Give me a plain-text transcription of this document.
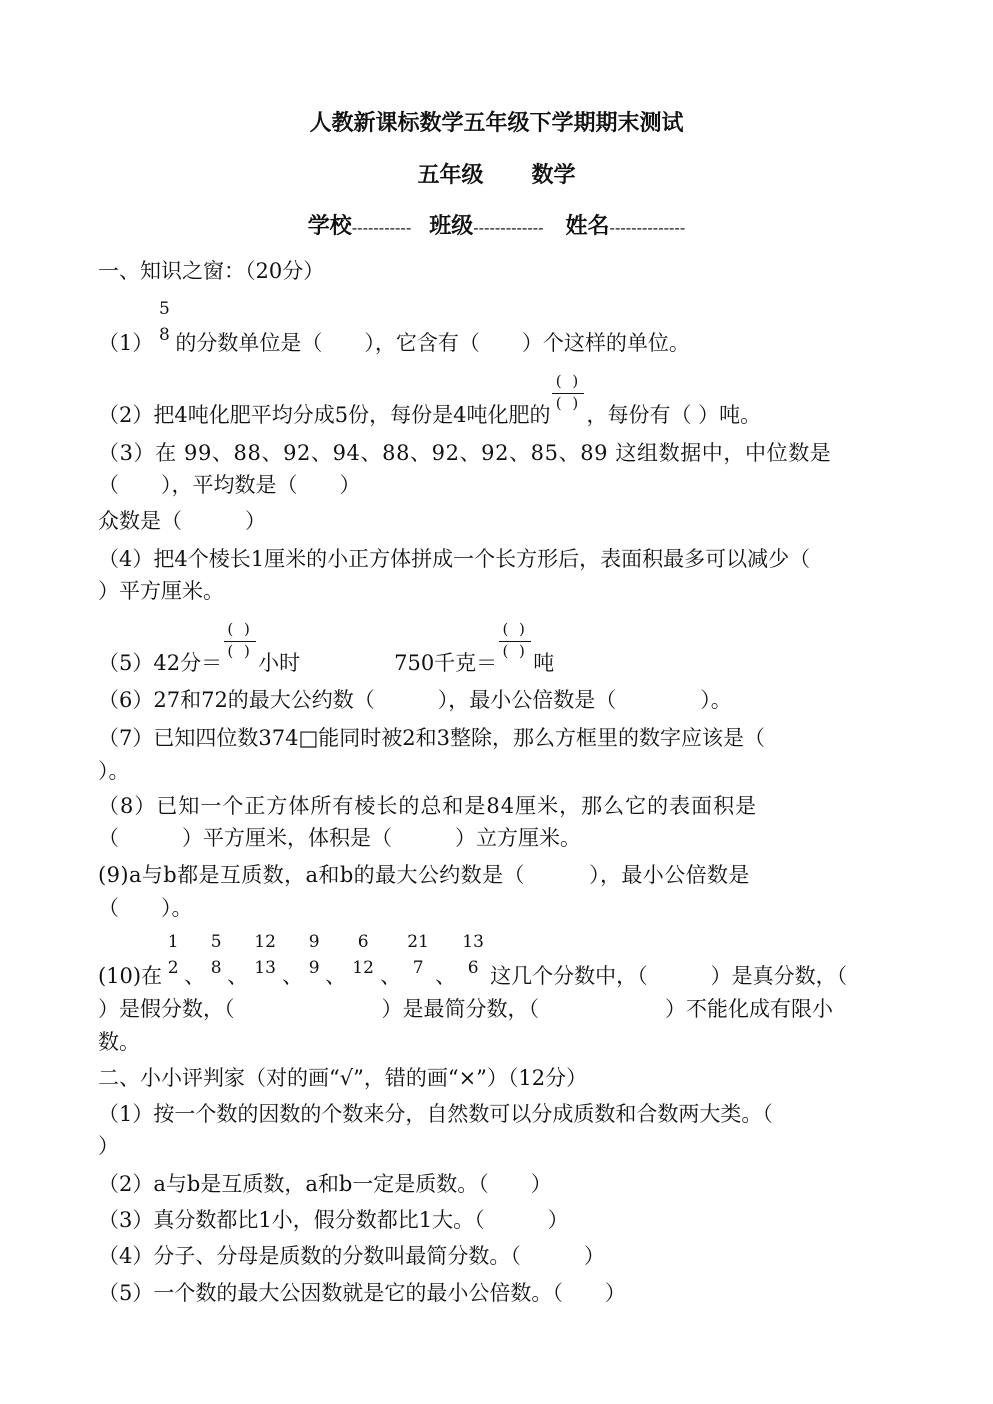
人教新课标数学五年级下学期期末测试
五年级 数学
学校----------- 班级------------- 姓名--------------
一、知识之窗：（20分）
（1）
5
8 的分数单位是（　　），它含有（　　）个这样的单位。
（2）把4吨化肥平均分成5份，每份是4吨化肥的 $\frac{( )}{( )}$ ，每份有（ ）吨。
（3）在 99、88、92、94、88、92、92、85、89 这组数据中，中位数是
（　　），平均数是（　　）
众数是（　　　）
（4）把4个棱长1厘米的小正方体拼成一个长方形后，表面积最多可以减少（
）平方厘米。
（5）42分＝ $\frac{( )}{( )}$ 小时	750千克＝ $\frac{( )}{( )}$ 吨
（6）27和72的最大公约数（　　　），最小公倍数是（　　　　）。
（7）已知四位数374□能同时被2和3整除，那么方框里的数字应该是（
）。
（8）已知一个正方体所有棱长的总和是84厘米，那么它的表面积是
（　　　）平方厘米，体积是（　　　）立方厘米。
(9)a与b都是互质数，a和b的最大公约数是（　　　），最小公倍数是
（　　）。
(10)在
1
2 、
5
8 、
12
13 、
9
9 、
6
12 、
21
7 、
13
6 这几个分数中，（　　　）是真分数，（
）是假分数，（　　　　　　　）是最简分数，（　　　　　　）不能化成有限小
数。
二、小小评判家（对的画“√”，错的画“×”）（12分）
（1）按一个数的因数的个数来分，自然数可以分成质数和合数两大类。（
）
（2）a与b是互质数，a和b一定是质数。（　　）
（3）真分数都比1小，假分数都比1大。（　　　）
（4）分子、分母是质数的分数叫最简分数。（　　　）
（5）一个数的最大公因数就是它的最小公倍数。（　　）
